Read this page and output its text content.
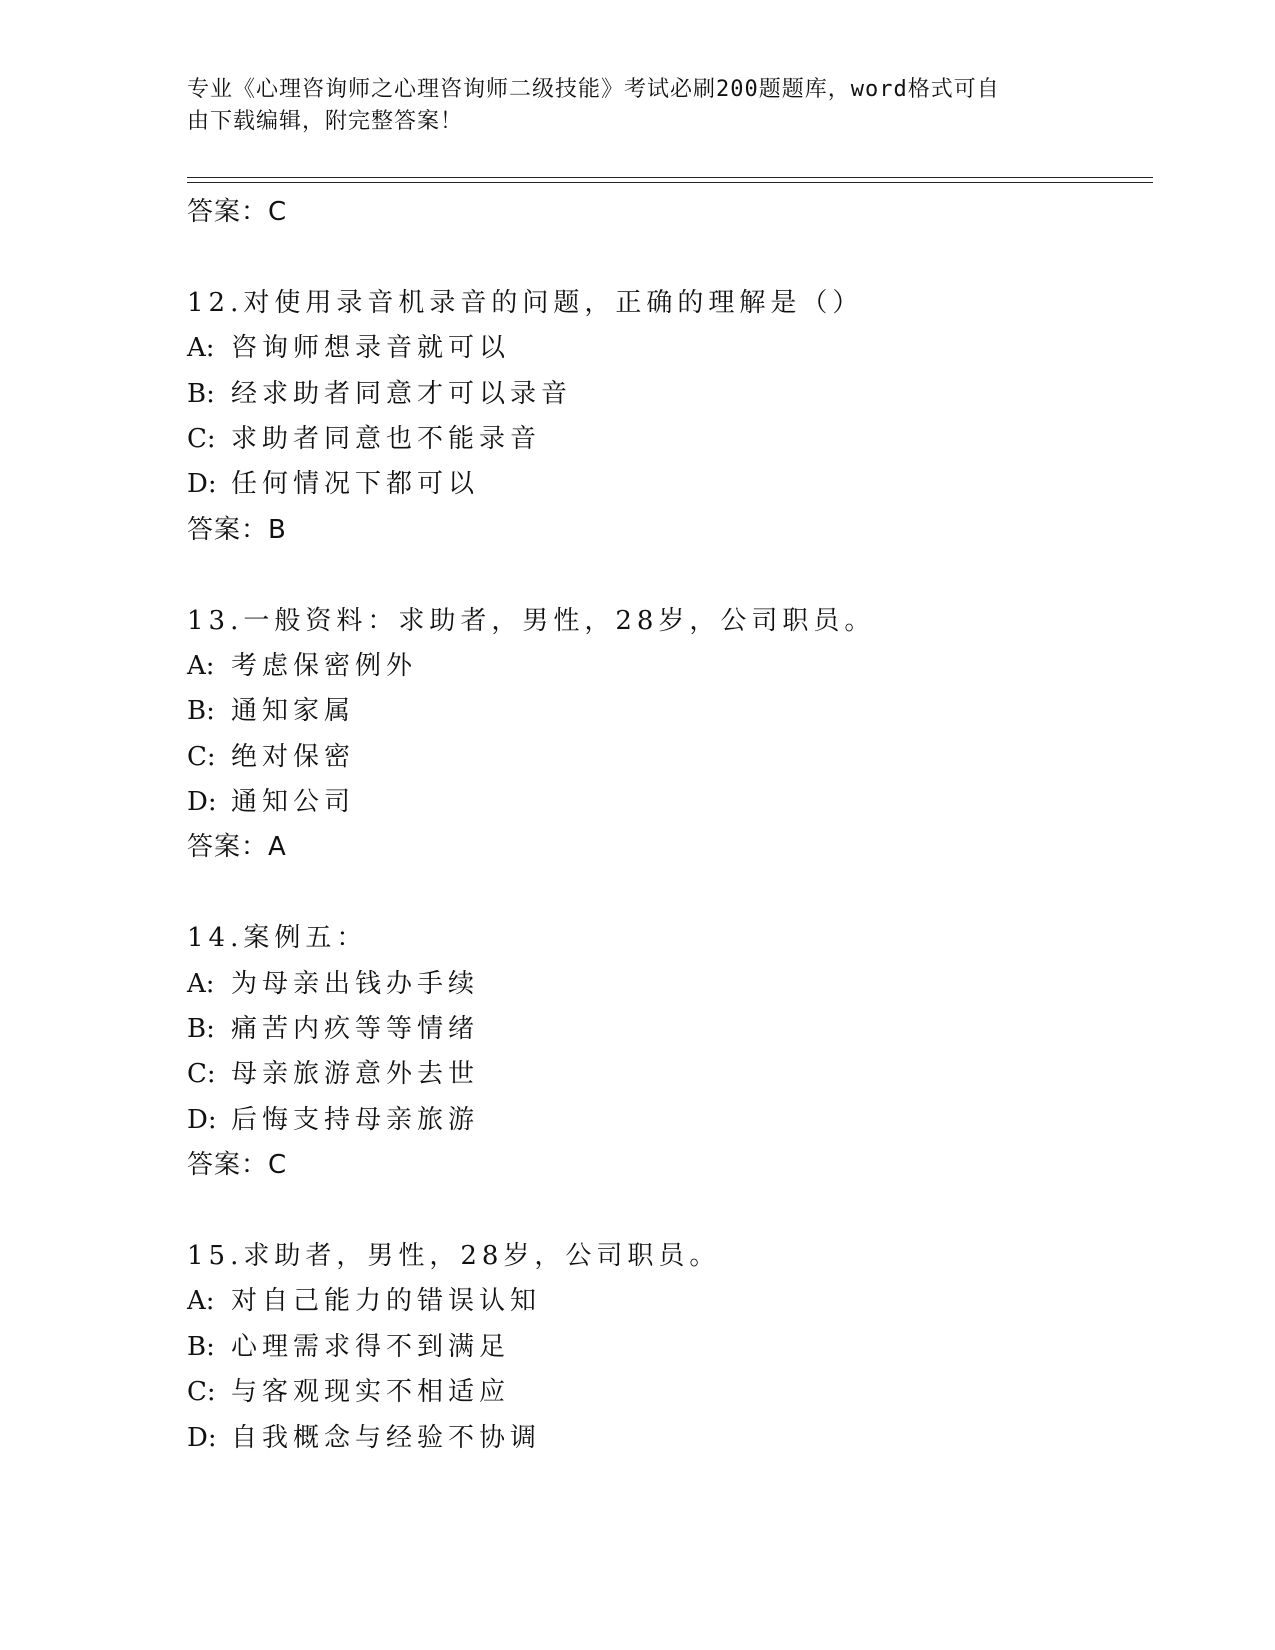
专业《心理咨询师之心理咨询师二级技能》考试必刷200题题库，word格式可自
由下载编辑，附完整答案！
答案：C
12.对使用录音机录音的问题，正确的理解是（）
A: 咨询师想录音就可以
B: 经求助者同意才可以录音
C: 求助者同意也不能录音
D: 任何情况下都可以
答案：B
13.一般资料：求助者，男性，28岁，公司职员。
A: 考虑保密例外
B: 通知家属
C: 绝对保密
D: 通知公司
答案：A
14.案例五：
A: 为母亲出钱办手续
B: 痛苦内疚等等情绪
C: 母亲旅游意外去世
D: 后悔支持母亲旅游
答案：C
15.求助者，男性，28岁，公司职员。
A: 对自己能力的错误认知
B: 心理需求得不到满足
C: 与客观现实不相适应
D: 自我概念与经验不协调
